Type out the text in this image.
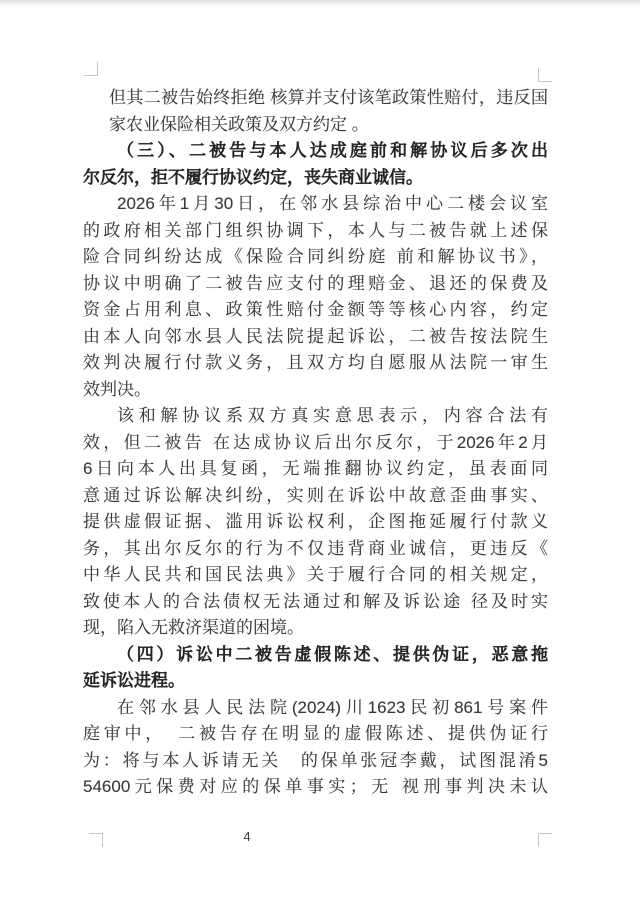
但其二被告始终拒绝 核算并支付该笔政策性赔付，违反国
家农业保险相关政策及双方约定 。
（三）、二被告与本人达成庭前和解协议后多次出
尔反尔，拒不履行协议约定，丧失商业诚信。
2026年1月30日，在邻水县综治中心二楼会议室
的政府相关部门组织协调下，本人与二被告就上述保
险合同纠纷达成《保险合同纠纷庭 前和解协议书》，
协议中明确了二被告应支付的理赔金、退还的保费及
资金占用利息、政策性赔付金额等等核心内容，约定
由本人向邻水县人民法院提起诉讼，二被告按法院生
效判决履行付款义务，且双方均自愿服从法院一审生
效判决。
该和解协议系双方真实意思表示，内容合法有
效，但二被告 在达成协议后出尔反尔，于2026年2月
6日向本人出具复函，无端推翻协议约定，虽表面同
意通过诉讼解决纠纷，实则在诉讼中故意歪曲事实、
提供虚假证据、滥用诉讼权利，企图拖延履行付款义
务，其出尔反尔的行为不仅违背商业诚信，更违反《
中华人民共和国民法典》关于履行合同的相关规定，
致使本人的合法债权无法通过和解及诉讼途 径及时实
现，陷入无救济渠道的困境。
（四）诉讼中二被告虚假陈述、提供伪证，恶意拖
延诉讼进程。
在邻水县人民法院(2024)川1623民初861号案件
庭审中，　二被告存在明显的虚假陈述、提供伪证行
为：将与本人诉请无关　的保单张冠李戴，试图混淆5
54600元保费对应的保单事实；无 视刑事判决未认
4
